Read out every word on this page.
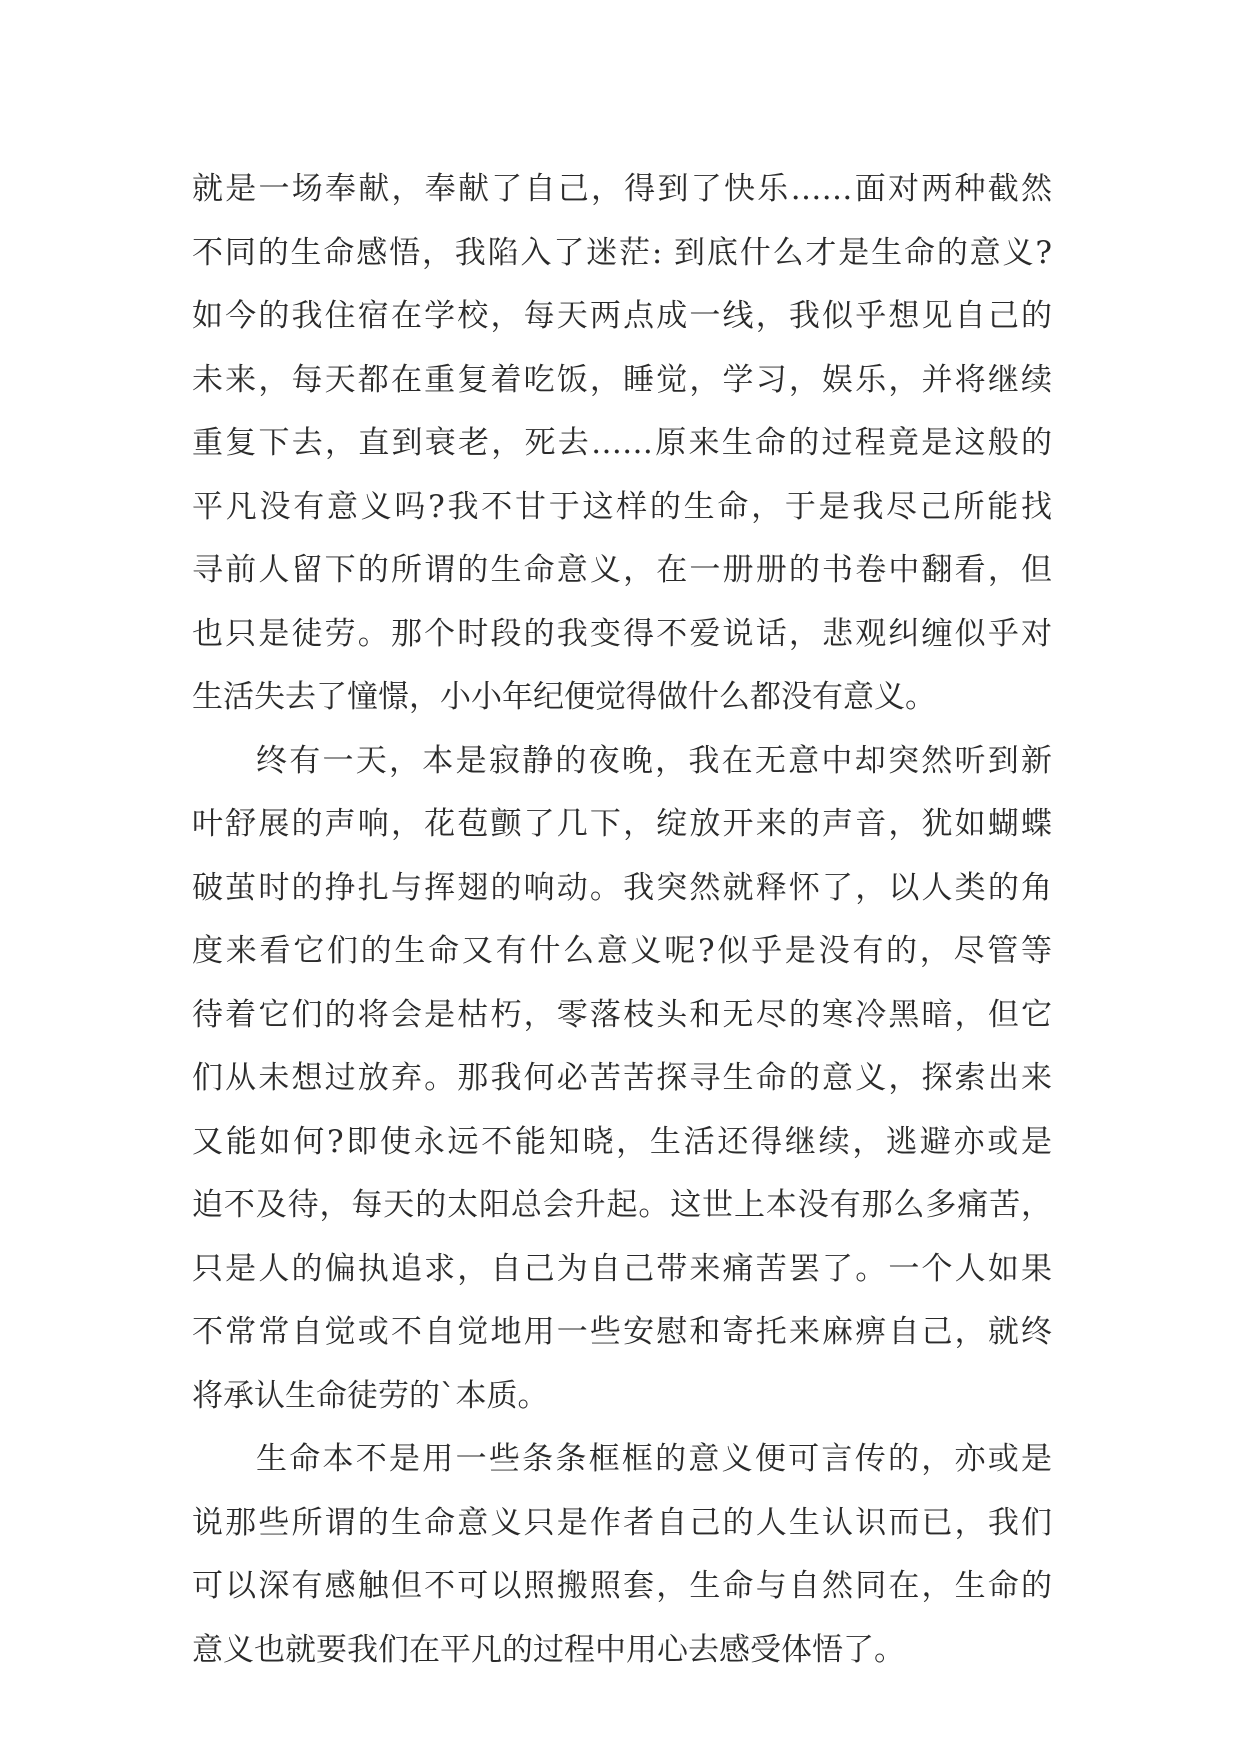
就是一场奉献，奉献了自己，得到了快乐……面对两种截然
不同的生命感悟，我陷入了迷茫: 到底什么才是生命的意义?
如今的我住宿在学校，每天两点成一线，我似乎想见自己的
未来，每天都在重复着吃饭，睡觉，学习，娱乐，并将继续
重复下去，直到衰老，死去……原来生命的过程竟是这般的
平凡没有意义吗?我不甘于这样的生命，于是我尽己所能找
寻前人留下的所谓的生命意义，在一册册的书卷中翻看，但
也只是徒劳。那个时段的我变得不爱说话，悲观纠缠似乎对
生活失去了憧憬，小小年纪便觉得做什么都没有意义。
终有一天，本是寂静的夜晚，我在无意中却突然听到新
叶舒展的声响，花苞颤了几下，绽放开来的声音，犹如蝴蝶
破茧时的挣扎与挥翅的响动。我突然就释怀了，以人类的角
度来看它们的生命又有什么意义呢?似乎是没有的，尽管等
待着它们的将会是枯朽，零落枝头和无尽的寒冷黑暗，但它
们从未想过放弃。那我何必苦苦探寻生命的意义，探索出来
又能如何?即使永远不能知晓，生活还得继续，逃避亦或是
迫不及待，每天的太阳总会升起。这世上本没有那么多痛苦，
只是人的偏执追求，自己为自己带来痛苦罢了。一个人如果
不常常自觉或不自觉地用一些安慰和寄托来麻痹自己，就终
将承认生命徒劳的`本质。
生命本不是用一些条条框框的意义便可言传的，亦或是
说那些所谓的生命意义只是作者自己的人生认识而已，我们
可以深有感触但不可以照搬照套，生命与自然同在，生命的
意义也就要我们在平凡的过程中用心去感受体悟了。
